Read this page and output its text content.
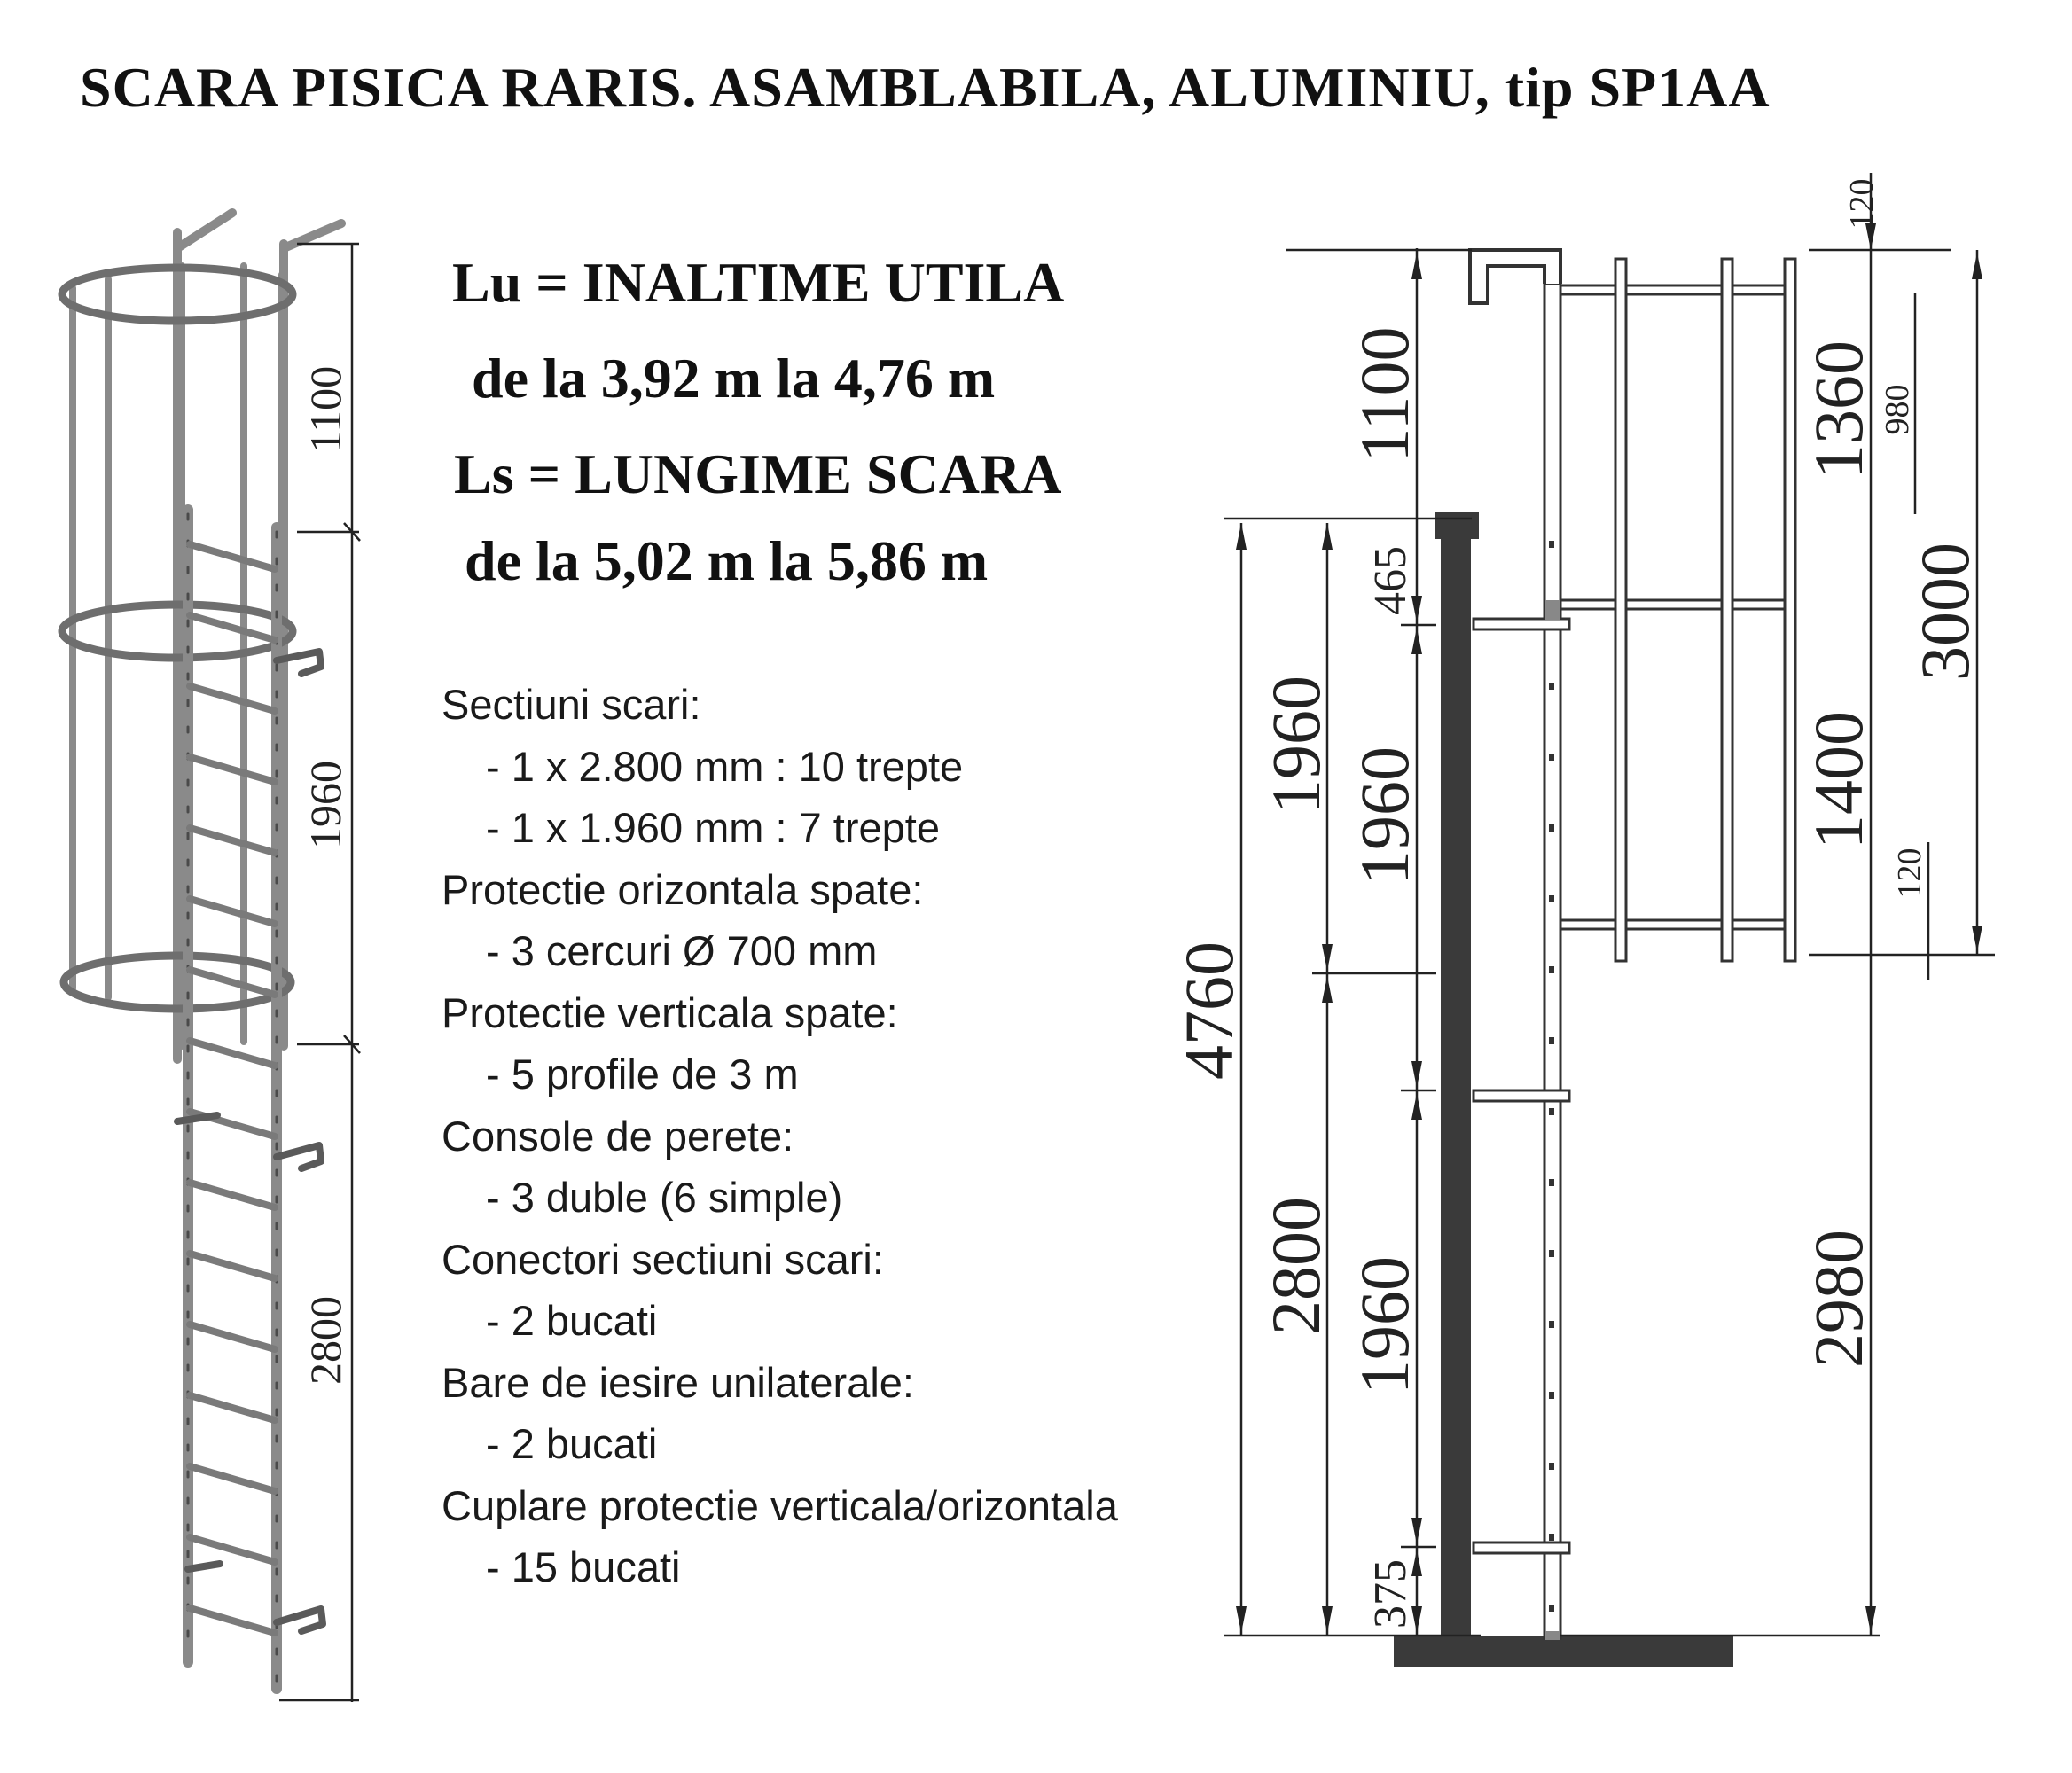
SCARA PISICA RARIS. ASAMBLABILA, ALUMINIU, tip SP1AA
1100
1960
2800
4760
1960
2800
1100
465
1960
1960
375
120
1360 980
1400
120
3000
2980

Lu = INALTIME UTILA

de la 3,92 m la 4,76 m

Ls = LUNGIME SCARA

de la 5,02 m la 5,86 m

Sectiuni scari:
- 1 x 2.800 mm : 10 trepte
- 1 x 1.960 mm : 7 trepte
Protectie orizontala spate:
- 3 cercuri Ø 700 mm
Protectie verticala spate:
- 5 profile de 3 m
Console de perete:
- 3 duble (6 simple)
Conectori sectiuni scari:
- 2 bucati
Bare de iesire unilaterale:
- 2 bucati
Cuplare protectie verticala/orizontala
- 15 bucati
